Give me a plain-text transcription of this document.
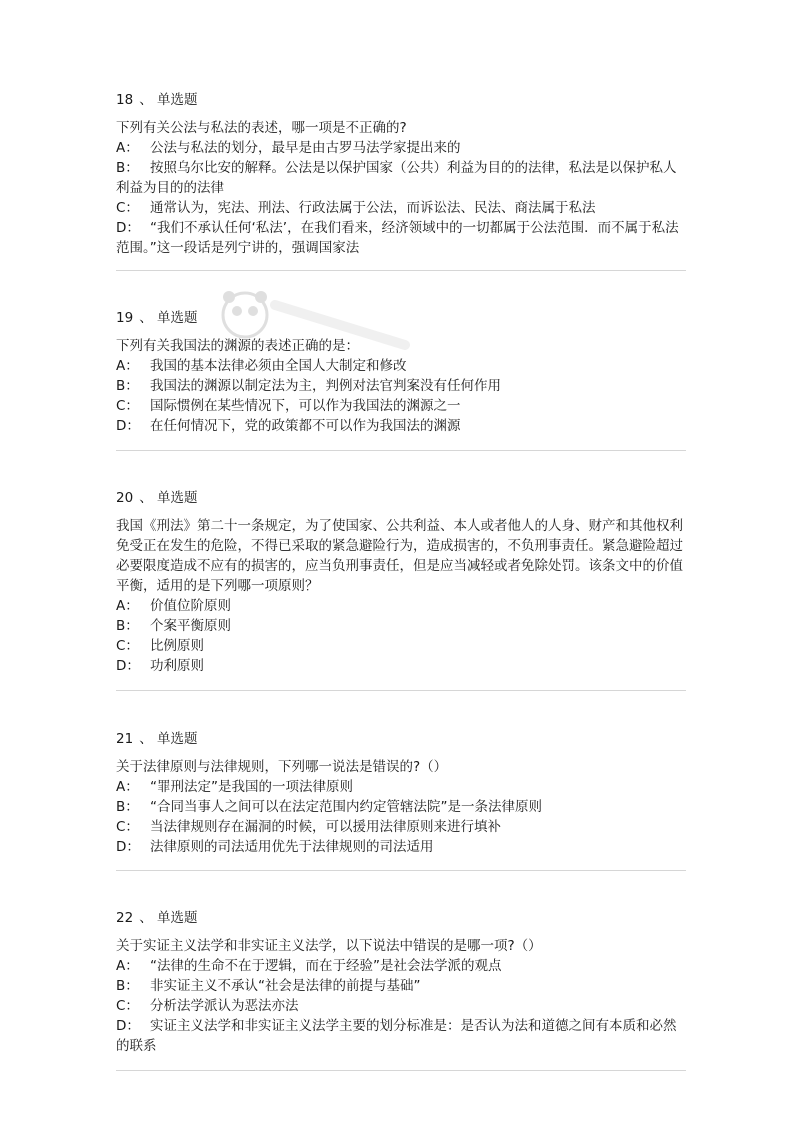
18 、 单选题
下列有关公法与私法的表述，哪一项是不正确的?
A： 公法与私法的划分，最早是由古罗马法学家提出来的
B： 按照乌尔比安的解释。公法是以保护国家（公共）利益为目的的法律，私法是以保护私人利益为目的的法律
C： 通常认为，宪法、刑法、行政法属于公法，而诉讼法、民法、商法属于私法
D： “我们不承认任何‘私法’，在我们看来，经济领域中的一切都属于公法范围．而不属于私法范围。”这一段话是列宁讲的，强调国家法
19 、 单选题
下列有关我国法的渊源的表述正确的是：
A： 我国的基本法律必须由全国人大制定和修改
B： 我国法的渊源以制定法为主，判例对法官判案没有任何作用
C： 国际惯例在某些情况下，可以作为我国法的渊源之一
D： 在任何情况下，党的政策都不可以作为我国法的渊源
20 、 单选题
我国《刑法》第二十一条规定，为了使国家、公共利益、本人或者他人的人身、财产和其他权利免受正在发生的危险，不得已采取的紧急避险行为，造成损害的，不负刑事责任。紧急避险超过必要限度造成不应有的损害的，应当负刑事责任，但是应当减轻或者免除处罚。该条文中的价值平衡，适用的是下列哪一项原则？
A： 价值位阶原则
B： 个案平衡原则
C： 比例原则
D： 功利原则
21 、 单选题
关于法律原则与法律规则，下列哪一说法是错误的?（）
A： “罪刑法定”是我国的一项法律原则
B： “合同当事人之间可以在法定范围内约定管辖法院”是一条法律原则
C： 当法律规则存在漏洞的时候，可以援用法律原则来进行填补
D： 法律原则的司法适用优先于法律规则的司法适用
22 、 单选题
关于实证主义法学和非实证主义法学，以下说法中错误的是哪一项?（）
A： “法律的生命不在于逻辑，而在于经验”是社会法学派的观点
B： 非实证主义不承认“社会是法律的前提与基础”
C： 分析法学派认为恶法亦法
D： 实证主义法学和非实证主义法学主要的划分标准是：是否认为法和道德之间有本质和必然的联系
